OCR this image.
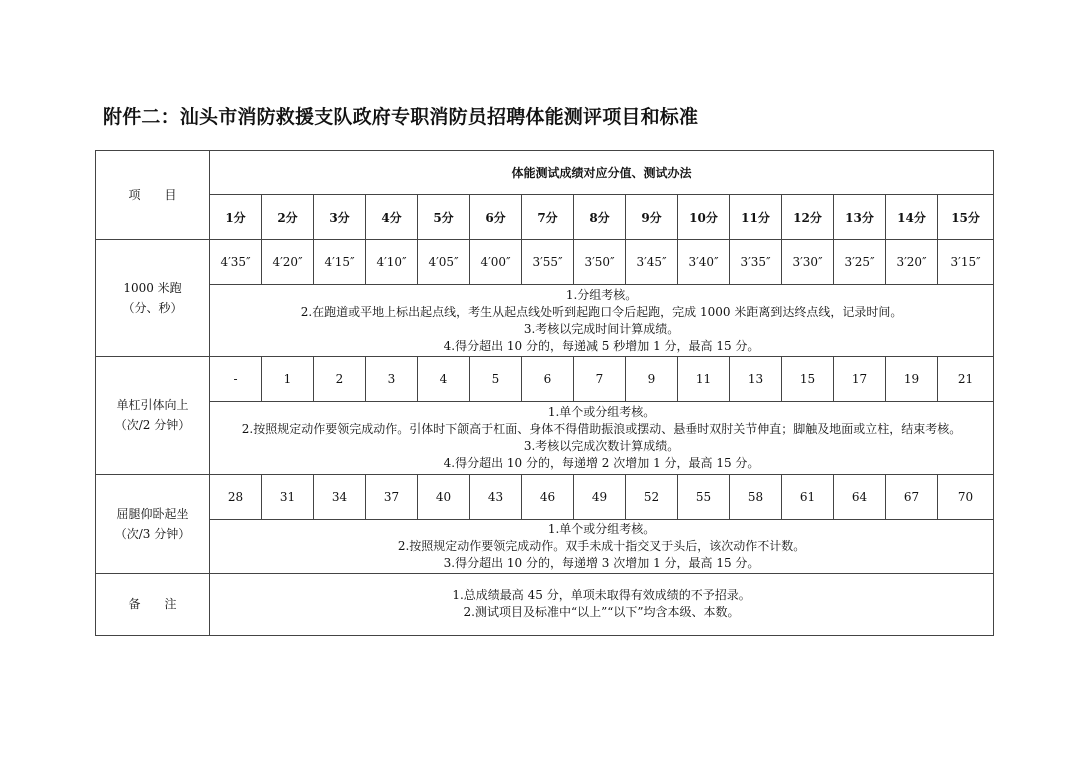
附件二：汕头市消防救援支队政府专职消防员招聘体能测评项目和标准
项　　目	体能测试成绩对应分值、测试办法														
	1分	2分	3分	4分	5分	6分	7分	8分	9分	10分	11分	12分	13分	14分	15分

1000 米跑
（分、秒）	4′35″	4′20″	4′15″	4′10″	4′05″	4′00″	3′55″	3′50″	3′45″	3′40″	3′35″	3′30″	3′25″	3′20″	3′15″

	1.分组考核。
2.在跑道或平地上标出起点线，考生从起点线处听到起跑口令后起跑，完成 1000 米距离到达终点线，记录时间。
3.考核以完成时间计算成绩。
4.得分超出 10 分的，每递减 5 秒增加 1 分，最高 15 分。														

单杠引体向上
（次/2 分钟）	-	1	2	3	4	5	6	7	9	11	13	15	17	19	21

	1.单个或分组考核。
2.按照规定动作要领完成动作。引体时下颌高于杠面、身体不得借助振浪或摆动、悬垂时双肘关节伸直；脚触及地面或立柱，结束考核。
3.考核以完成次数计算成绩。
4.得分超出 10 分的，每递增 2 次增加 1 分，最高 15 分。														

屈腿仰卧起坐
（次/3 分钟）	28	31	34	37	40	43	46	49	52	55	58	61	64	67	70

	1.单个或分组考核。
2.按照规定动作要领完成动作。双手未成十指交叉于头后，该次动作不计数。
3.得分超出 10 分的，每递增 3 次增加 1 分，最高 15 分。														

备　　注	1.总成绩最高 45 分，单项未取得有效成绩的不予招录。
2.测试项目及标准中“以上”“以下”均含本级、本数。														
